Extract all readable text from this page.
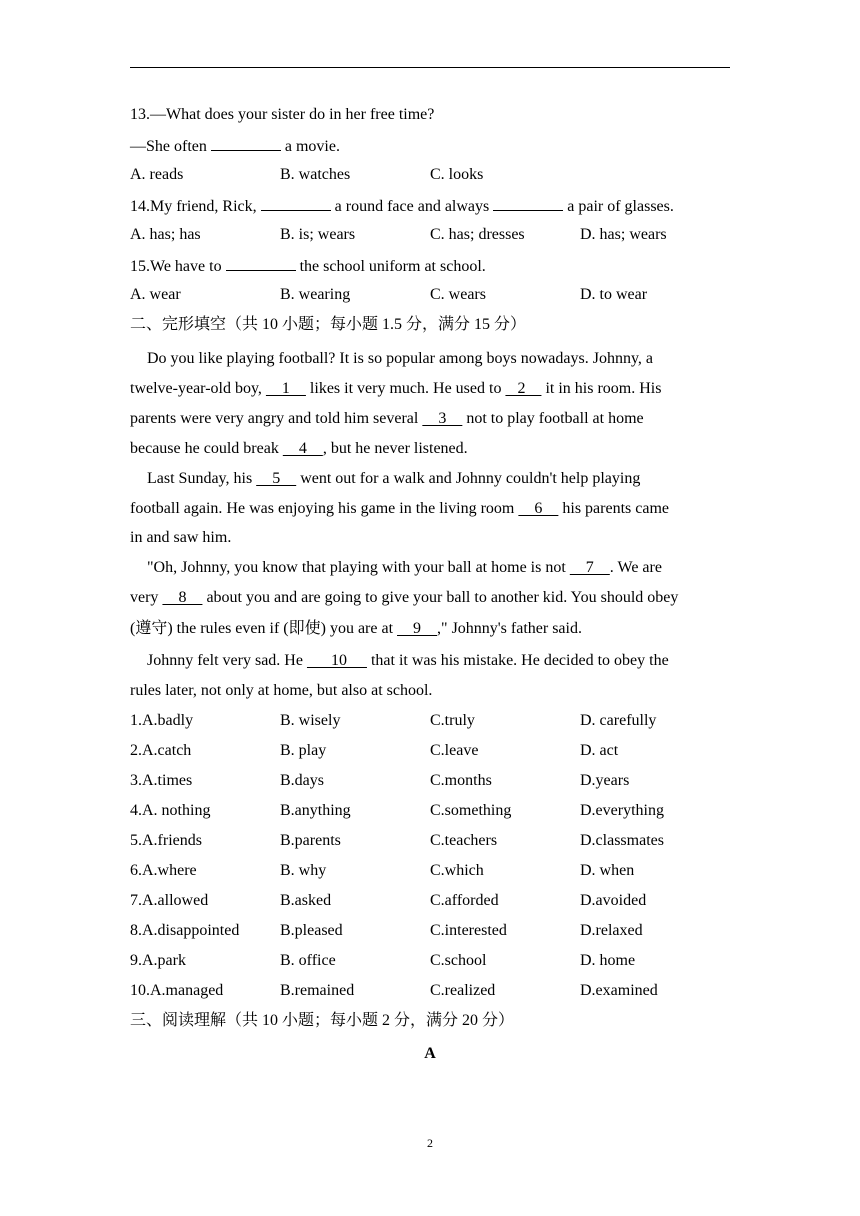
13.—What does your sister do in her free time?
—She often	a movie.
A. reads	B. watches	C. looks
14.My friend, Rick,	a round face and always	a pair of glasses.
A. has; has	B. is; wears	C. has; dresses	D. has; wears
15.We have to	the school uniform at school.
A. wear	B. wearing	C. wears	D. to wear
二、完形填空（共 10 小题；每小题 1.5 分，满分 15 分）
Do you like playing football? It is so popular among boys nowadays. Johnny, a
twelve-year-old boy,     1     likes it very much. He used to    2     it in his room. His
parents were very angry and told him several     3     not to play football at home
because he could break     4    , but he never listened.
Last Sunday, his     5     went out for a walk and Johnny couldn't help playing
football again. He was enjoying his game in the living room     6     his parents came
in and saw him.
"Oh, Johnny, you know that playing with your ball at home is not     7    . We are
very     8     about you and are going to give your ball to another kid. You should obey
(遵守) the rules even if (即使) you are at     9    ," Johnny's father said.
Johnny felt very sad. He       10      that it was his mistake. He decided to obey the
rules later, not only at home, but also at school.
1.A.badly	B. wisely	C.truly	D. carefully
2.A.catch	B. play	C.leave	D. act
3.A.times	B.days	C.months	D.years
4.A. nothing	B.anything	C.something	D.everything
5.A.friends	B.parents	C.teachers	D.classmates
6.A.where	B. why	C.which	D. when
7.A.allowed	B.asked	C.afforded	D.avoided
8.A.disappointed	B.pleased	C.interested	D.relaxed
9.A.park	B. office	C.school	D. home
10.A.managed	B.remained	C.realized	D.examined
三、阅读理解（共 10 小题；每小题 2 分，满分 20 分）
A
2
